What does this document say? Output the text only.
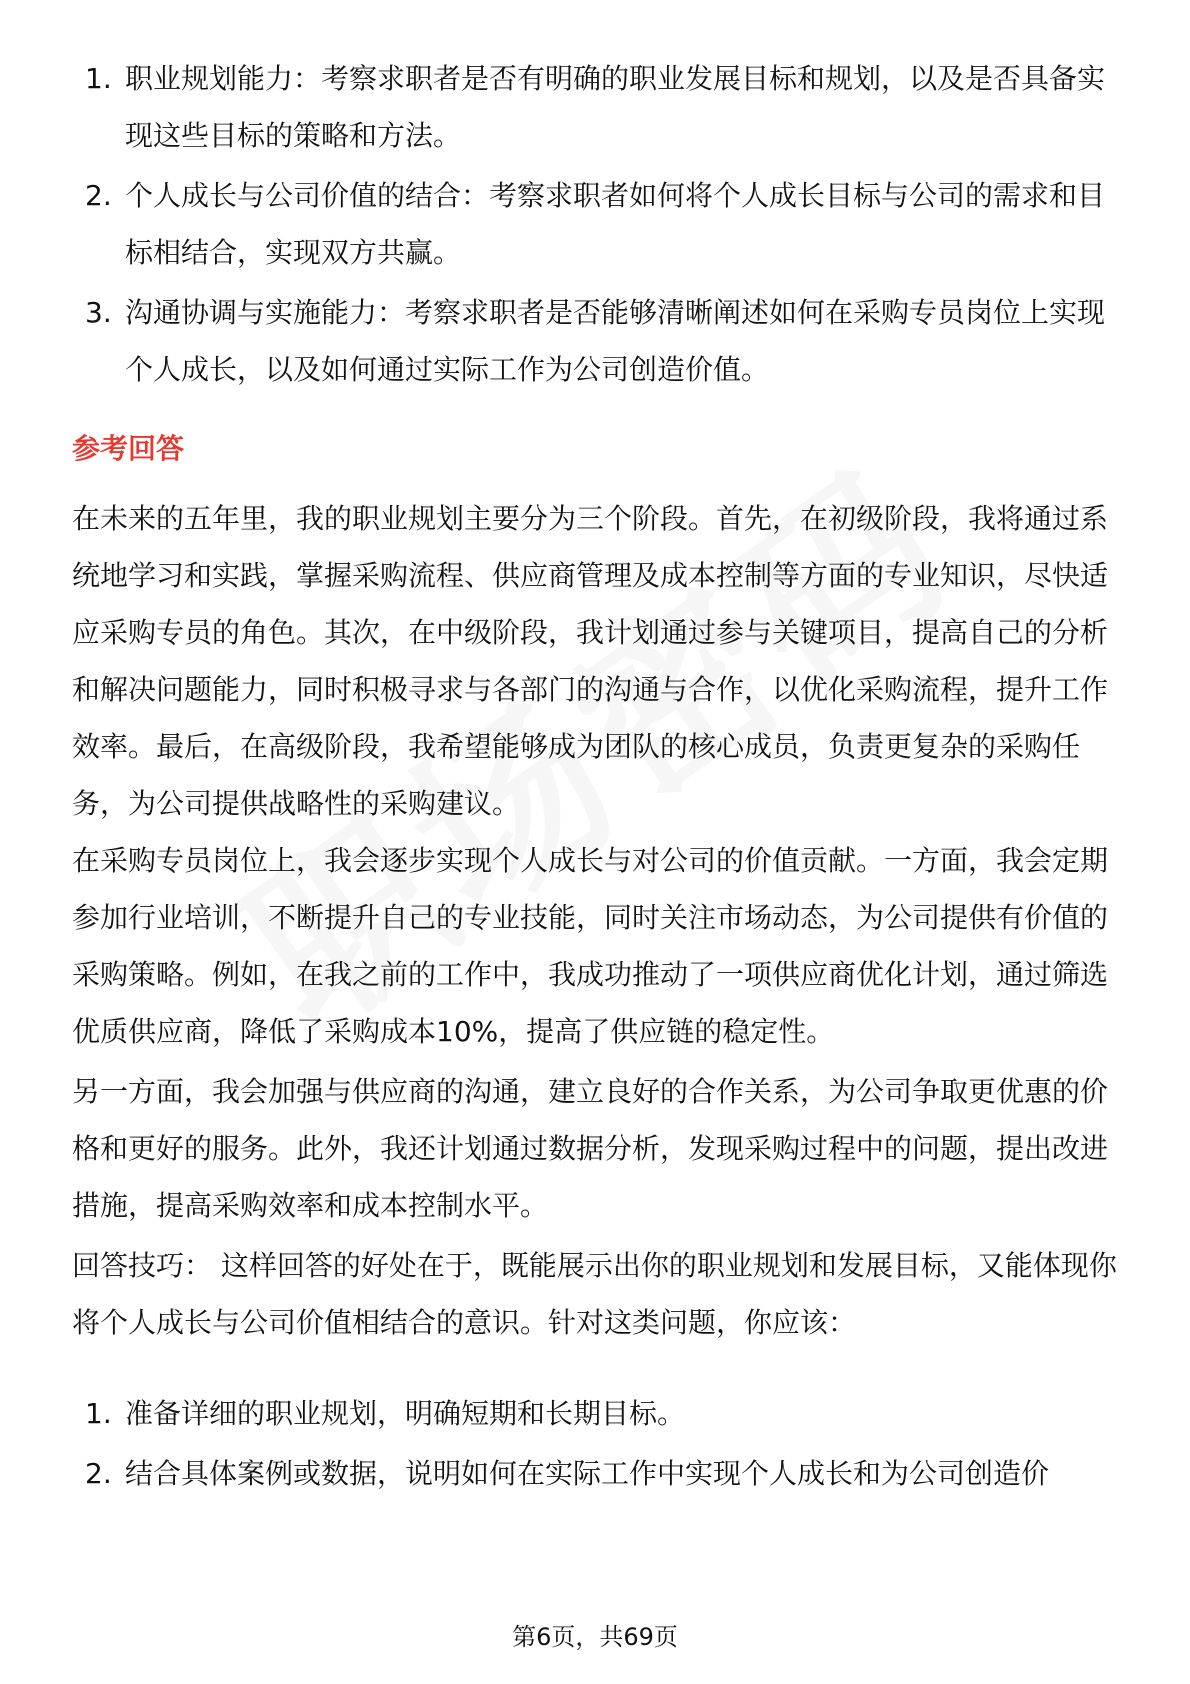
1. 职业规划能力：考察求职者是否有明确的职业发展目标和规划，以及是否具备实现这些目标的策略和方法。
2. 个人成长与公司价值的结合：考察求职者如何将个人成长目标与公司的需求和目标相结合，实现双方共赢。
3. 沟通协调与实施能力：考察求职者是否能够清晰阐述如何在采购专员岗位上实现个人成长，以及如何通过实际工作为公司创造价值。
参考回答

在未来的五年里，我的职业规划主要分为三个阶段。首先，在初级阶段，我将通过系统地学习和实践，掌握采购流程、供应商管理及成本控制等方面的专业知识，尽快适应采购专员的角色。其次，在中级阶段，我计划通过参与关键项目，提高自己的分析和解决问题能力，同时积极寻求与各部门的沟通与合作，以优化采购流程，提升工作效率。最后，在高级阶段，我希望能够成为团队的核心成员，负责更复杂的采购任务，为公司提供战略性的采购建议。

在采购专员岗位上，我会逐步实现个人成长与对公司的价值贡献。一方面，我会定期参加行业培训，不断提升自己的专业技能，同时关注市场动态，为公司提供有价值的采购策略。例如，在我之前的工作中，我成功推动了一项供应商优化计划，通过筛选优质供应商，降低了采购成本10%，提高了供应链的稳定性。

另一方面，我会加强与供应商的沟通，建立良好的合作关系，为公司争取更优惠的价格和更好的服务。此外，我还计划通过数据分析，发现采购过程中的问题，提出改进措施，提高采购效率和成本控制水平。

回答技巧： 这样回答的好处在于，既能展示出你的职业规划和发展目标，又能体现你将个人成长与公司价值相结合的意识。针对这类问题，你应该：

1. 准备详细的职业规划，明确短期和长期目标。
2. 结合具体案例或数据，说明如何在实际工作中实现个人成长和为公司创造价
第6页，共69页
